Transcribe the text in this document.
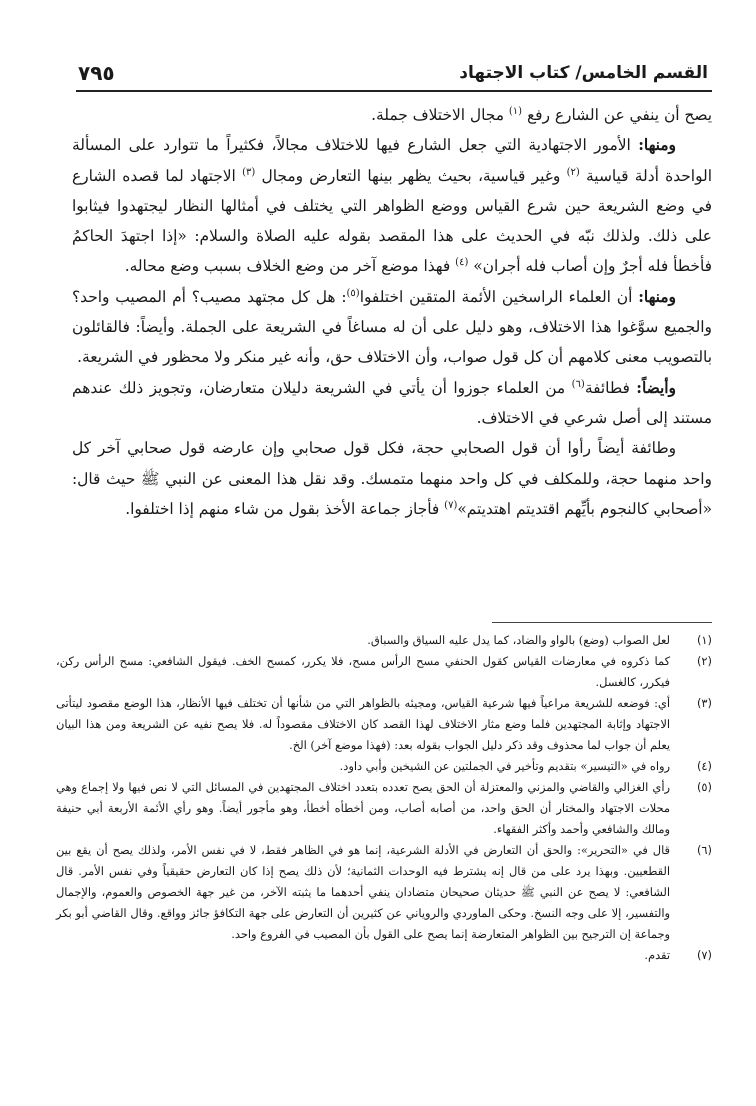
القسم الخامس/ كتاب الاجتهاد
٧٩٥

يصح أن ينفي عن الشارع رفع $^{(١)}$ مجال الاختلاف جملة.

ومنها: الأمور الاجتهادية التي جعل الشارع فيها للاختلاف مجالاً، فكثيراً ما تتوارد على المسألة الواحدة أدلة قياسية $^{(٢)}$ وغير قياسية، بحيث يظهر بينها التعارض ومجال $^{(٣)}$ الاجتهاد لما قصده الشارع في وضع الشريعة حين شرع القياس ووضع الظواهر التي يختلف في أمثالها النظار ليجتهدوا فيثابوا على ذلك. ولذلك نبّه في الحديث على هذا المقصد بقوله عليه الصلاة والسلام: «إذا اجتهدَ الحاكمُ فأخطأ فله أجرٌ وإن أصاب فله أجران» $^{(٤)}$ فهذا موضع آخر من وضع الخلاف بسبب وضع محاله.

ومنها: أن العلماء الراسخين الأئمة المتقين اختلفوا$^{(٥)}$: هل كل مجتهد مصيب؟ أم المصيب واحد؟ والجميع سوَّغوا هذا الاختلاف، وهو دليل على أن له مساغاً في الشريعة على الجملة. وأيضاً: فالقائلون بالتصويب معنى كلامهم أن كل قول صواب، وأن الاختلاف حق، وأنه غير منكر ولا محظور في الشريعة.

وأيضاً: فطائفة$^{(٦)}$ من العلماء جوزوا أن يأتي في الشريعة دليلان متعارضان، وتجويز ذلك عندهم مستند إلى أصل شرعي في الاختلاف.

وطائفة أيضاً رأوا أن قول الصحابي حجة، فكل قول صحابي وإن عارضه قول صحابي آخر كل واحد منهما حجة، وللمكلف في كل واحد منهما متمسك. وقد نقل هذا المعنى عن النبي ﷺ حيث قال: «أصحابي كالنجوم بأيِّهم اقتديتم اهتديتم»$^{(٧)}$ فأجاز جماعة الأخذ بقول من شاء منهم إذا اختلفوا.

(١)
لعل الصواب (وضع) بالواو والضاد، كما يدل عليه السياق والسباق.
(٢)
كما ذكروه في معارضات القياس كقول الحنفي مسح الرأس مسح، فلا يكرر، كمسح الخف. فيقول الشافعي: مسح الرأس ركن، فيكرر، كالغسل.
(٣)
أي: فوضعه للشريعة مراعياً فيها شرعية القياس، ومجيئه بالظواهر التي من شأنها أن تختلف فيها الأنظار، هذا الوضع مقصود ليتأتى الاجتهاد وإثابة المجتهدين فلما وضع مثار الاختلاف لهذا القصد كان الاختلاف مقصوداً له. فلا يصح نفيه عن الشريعة ومن هذا البيان يعلم أن جواب لما محذوف وقد ذكر دليل الجواب بقوله بعد: (فهذا موضع آخر) الخ.
(٤)
رواه في «التيسير» بتقديم وتأخير في الجملتين عن الشيخين وأبي داود.
(٥)
رأي الغزالي والقاضي والمزني والمعتزلة أن الحق يصح تعدده بتعدد اختلاف المجتهدين في المسائل التي لا نص فيها ولا إجماع وهي محلات الاجتهاد والمختار أن الحق واحد، من أصابه أصاب، ومن أخطأه أخطأ، وهو مأجور أيضاً. وهو رأي الأئمة الأربعة أبي حنيفة ومالك والشافعي وأحمد وأكثر الفقهاء.
(٦)
قال في «التحرير»: والحق أن التعارض في الأدلة الشرعية، إنما هو في الظاهر فقط، لا في نفس الأمر، ولذلك يصح أن يقع بين القطعيين. وبهذا يرد على من قال إنه يشترط فيه الوحدات الثمانية؛ لأن ذلك يصح إذا كان التعارض حقيقياً وفي نفس الأمر. قال الشافعي: لا يصح عن النبي ﷺ حديثان صحيحان متضادان ينفي أحدهما ما يثبته الآخر، من غير جهة الخصوص والعموم، والإجمال والتفسير، إلا على وجه النسخ. وحكى الماوردي والروياني عن كثيرين أن التعارض على جهة التكافؤ جائز وواقع. وقال القاضي أبو بكر وجماعة إن الترجيح بين الظواهر المتعارضة إنما يصح على القول بأن المصيب في الفروع واحد.
(٧)
تقدم.
